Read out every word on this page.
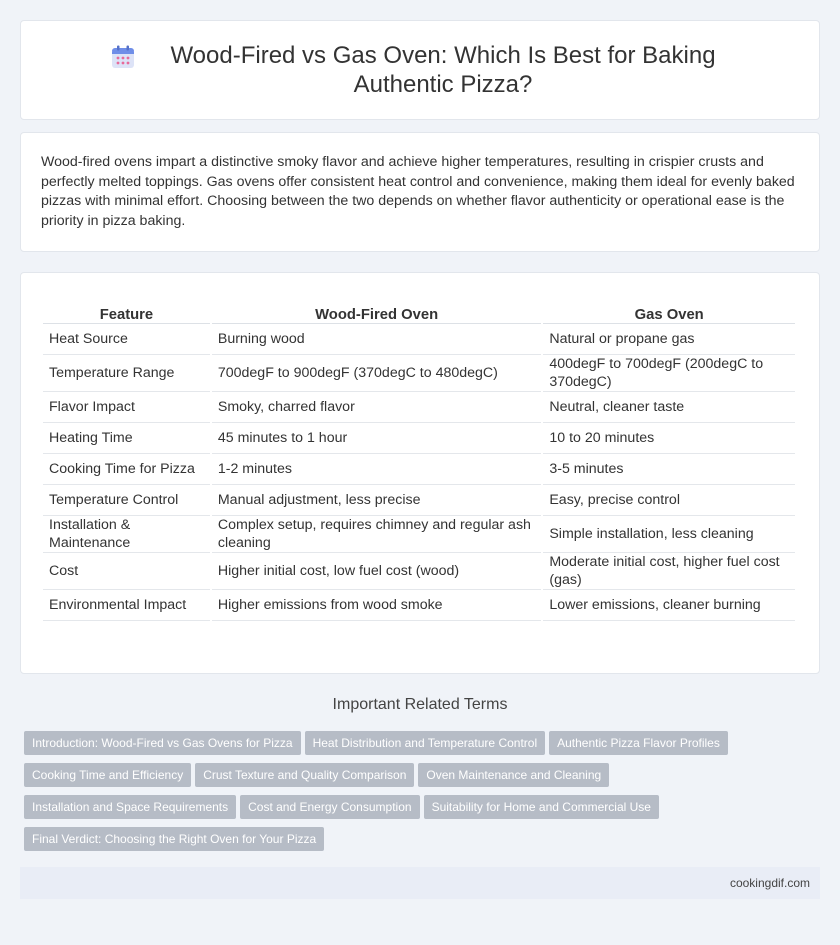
Wood-Fired vs Gas Oven: Which Is Best for Baking Authentic Pizza?

Wood-fired ovens impart a distinctive smoky flavor and achieve higher temperatures, resulting in crispier crusts and perfectly melted toppings. Gas ovens offer consistent heat control and convenience, making them ideal for evenly baked pizzas with minimal effort. Choosing between the two depends on whether flavor authenticity or operational ease is the priority in pizza baking.

Feature	Wood-Fired Oven	Gas Oven
Heat Source	Burning wood	Natural or propane gas
Temperature Range	700degF to 900degF (370degC to 480degC)	400degF to 700degF (200degC to 370degC)
Flavor Impact	Smoky, charred flavor	Neutral, cleaner taste
Heating Time	45 minutes to 1 hour	10 to 20 minutes
Cooking Time for Pizza	1-2 minutes	3-5 minutes
Temperature Control	Manual adjustment, less precise	Easy, precise control
Installation & Maintenance	Complex setup, requires chimney and regular ash cleaning	Simple installation, less cleaning
Cost	Higher initial cost, low fuel cost (wood)	Moderate initial cost, higher fuel cost (gas)
Environmental Impact	Higher emissions from wood smoke	Lower emissions, cleaner burning
Important Related Terms
Introduction: Wood-Fired vs Gas Ovens for Pizza	Heat Distribution and Temperature Control	Authentic Pizza Flavor Profiles
Cooking Time and Efficiency	Crust Texture and Quality Comparison	Oven Maintenance and Cleaning
Installation and Space Requirements	Cost and Energy Consumption	Suitability for Home and Commercial Use
Final Verdict: Choosing the Right Oven for Your Pizza
cookingdif.com
